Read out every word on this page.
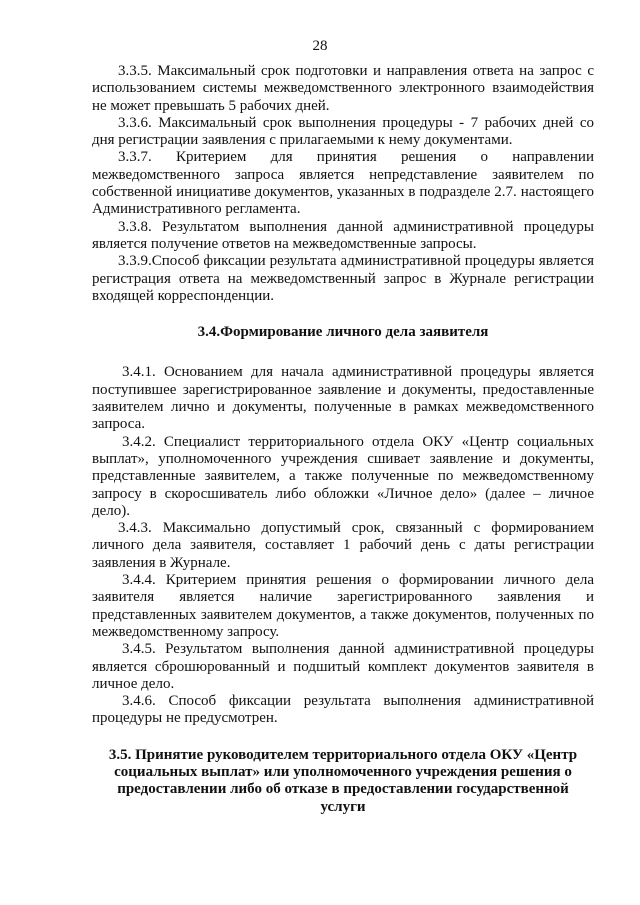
28

3.3.5. Максимальный срок подготовки и направления ответа на запрос с использованием системы межведомственного электронного взаимодействия не может превышать 5 рабочих дней.

3.3.6. Максимальный срок выполнения процедуры - 7 рабочих дней со дня регистрации заявления с прилагаемыми к нему документами.

3.3.7. Критерием для принятия решения о направлении межведомственного запроса является непредставление заявителем по собственной инициативе документов, указанных в подразделе 2.7. настоящего Административного регламента.

3.3.8. Результатом выполнения данной административной процедуры является получение ответов на межведомственные запросы.

3.3.9.Способ фиксации результата административной процедуры является регистрация ответа на межведомственный запрос в Журнале регистрации входящей корреспонденции.

3.4.Формирование личного дела заявителя

3.4.1. Основанием для начала административной процедуры является поступившее зарегистрированное заявление и документы, предоставленные заявителем лично и документы, полученные в рамках межведомственного запроса.

3.4.2. Специалист территориального отдела ОКУ «Центр социальных выплат», уполномоченного учреждения сшивает заявление и документы, представленные заявителем, а также полученные по межведомственному запросу в скоросшиватель либо обложки «Личное дело» (далее – личное дело).

3.4.3. Максимально допустимый срок, связанный с формированием личного дела заявителя, составляет 1 рабочий день с даты регистрации заявления в Журнале.

3.4.4. Критерием принятия решения о формировании личного дела заявителя является наличие зарегистрированного заявления и представленных заявителем документов, а также документов, полученных по межведомственному запросу.

3.4.5. Результатом выполнения данной административной процедуры является сброшюрованный и подшитый комплект документов заявителя в личное дело.

3.4.6. Способ фиксации результата выполнения административной процедуры не предусмотрен.

3.5. Принятие руководителем территориального отдела ОКУ «Центр социальных выплат» или уполномоченного учреждения решения о предоставлении либо об отказе в предоставлении государственной услуги
